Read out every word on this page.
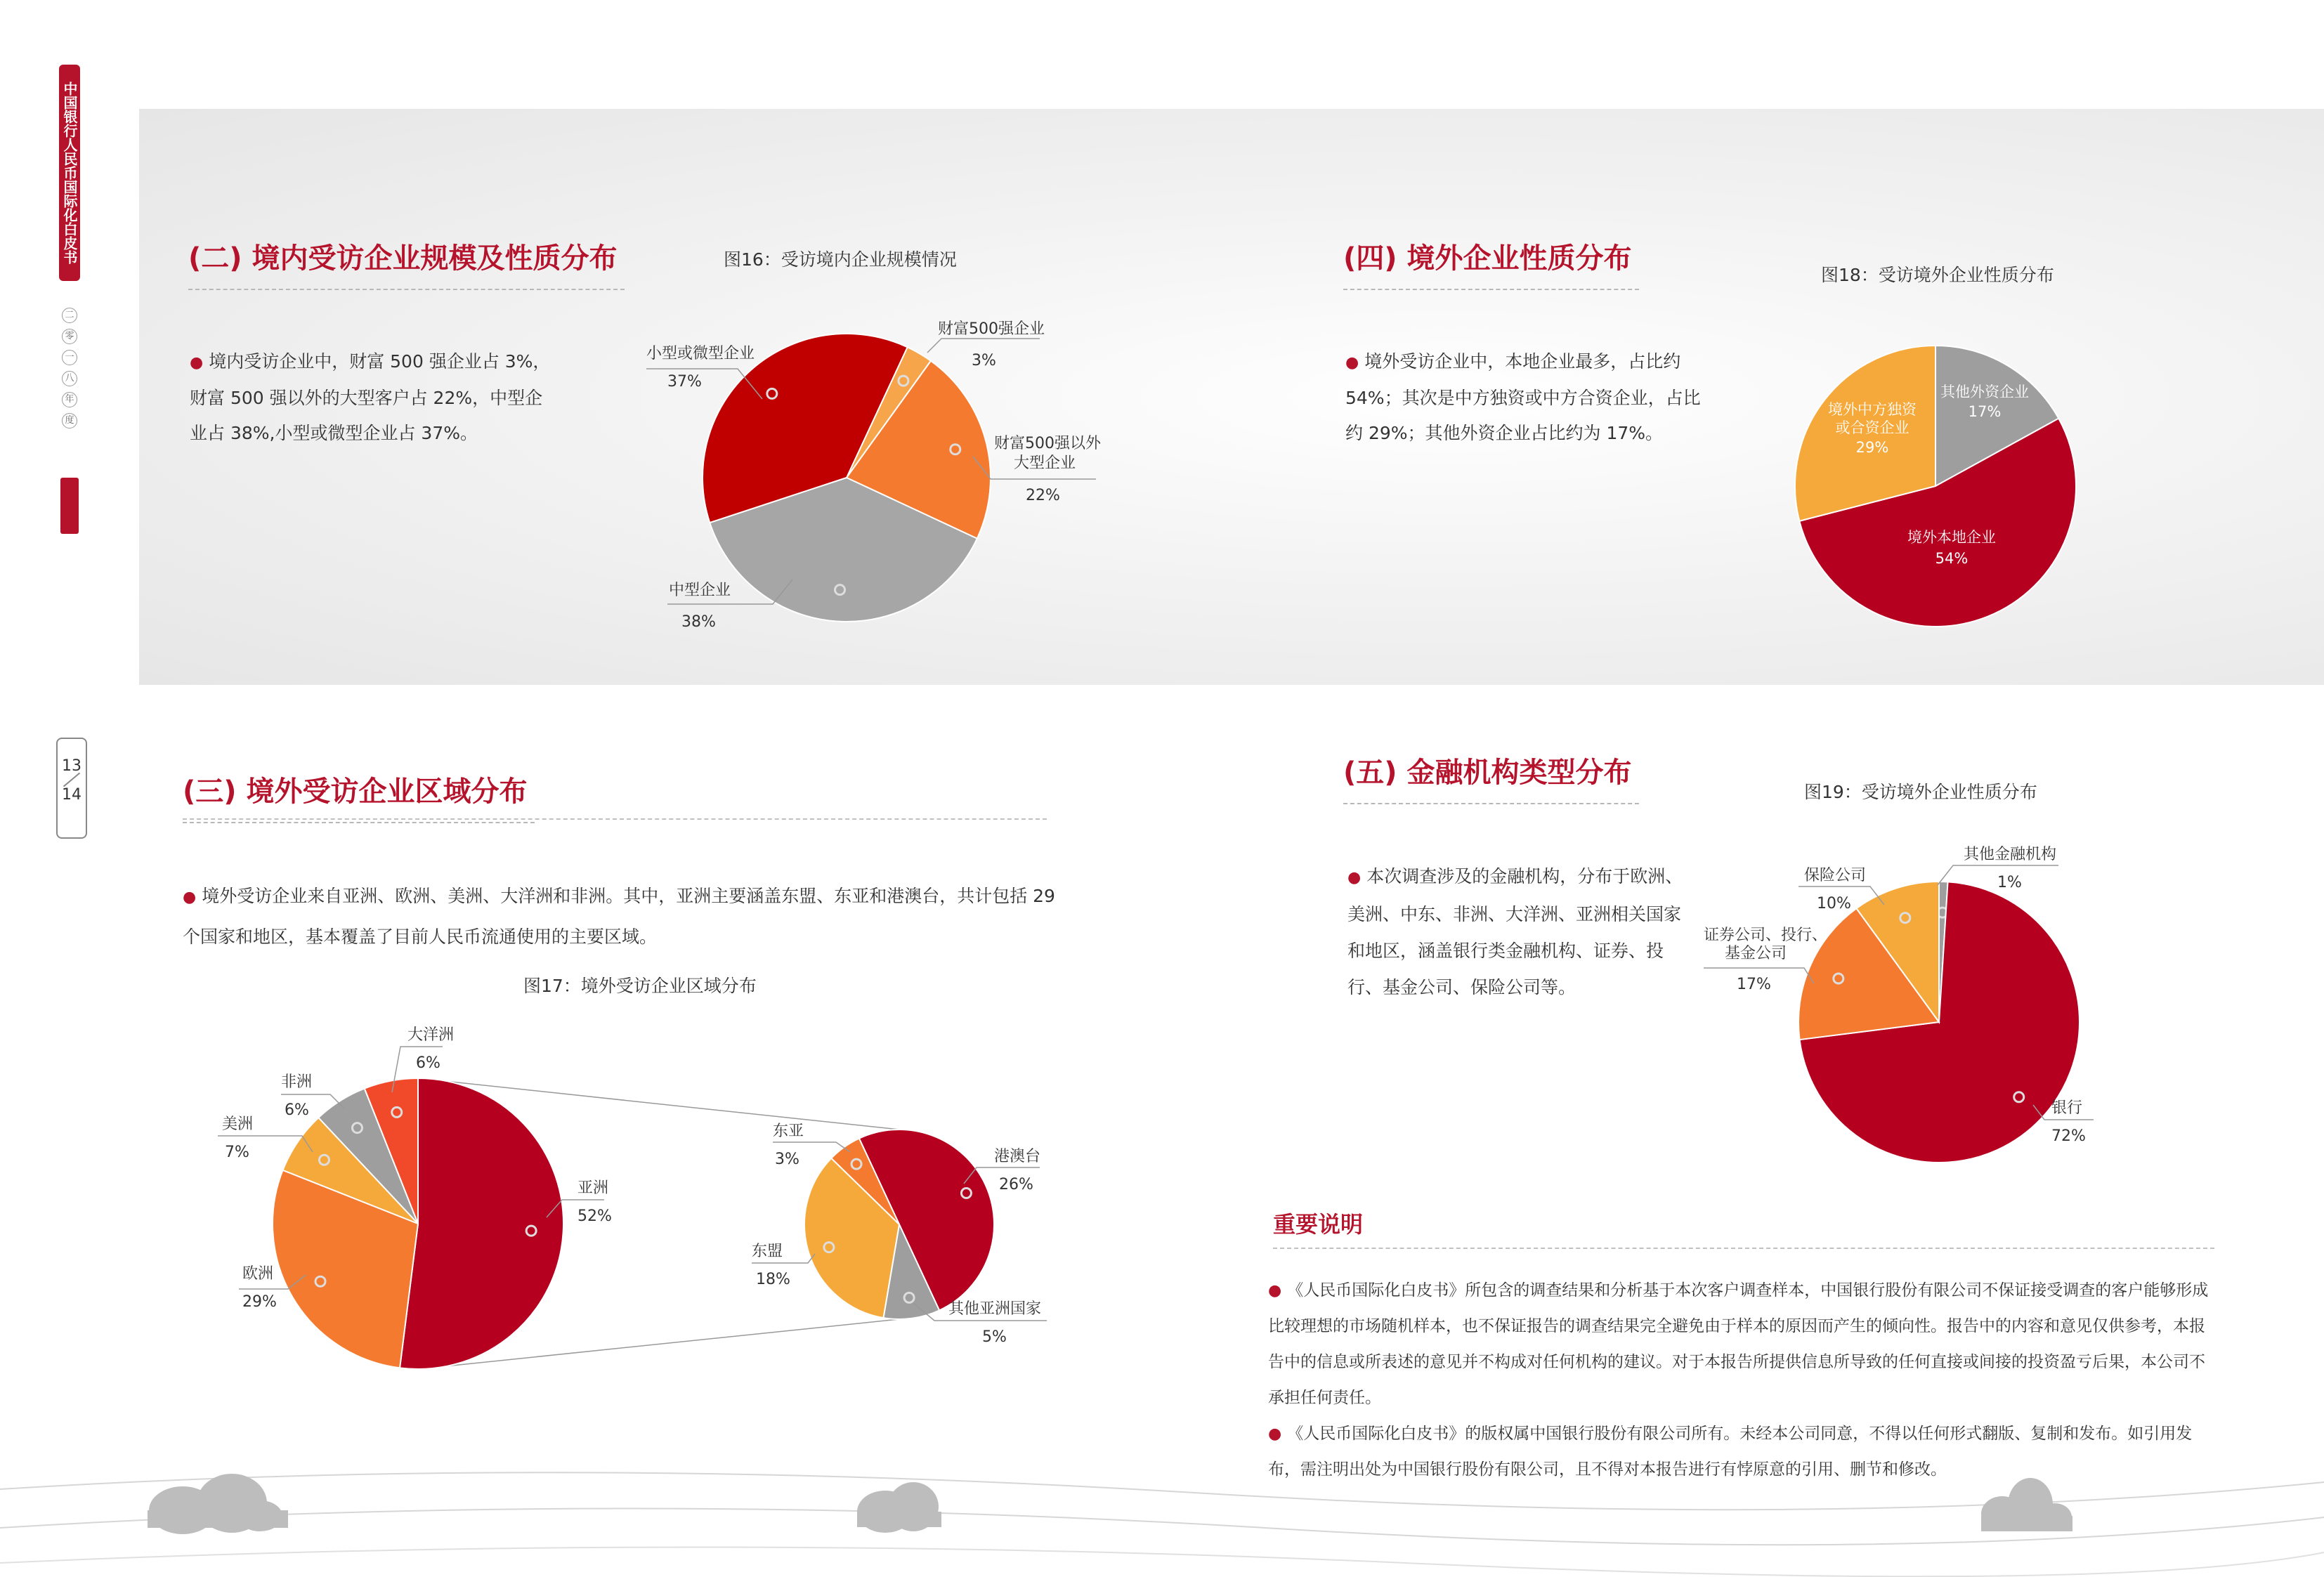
中国银行人民币国际化白皮书
二
零
一
八
年
度
13
14
(二) 境内受访企业规模及性质分布
● 境内受访企业中，财富 500 强企业占 3%，财富 500 强以外的大型客户占 22%，中型企业占 38%,小型或微型企业占 37%。
图16：受访境内企业规模情况
小型或微型企业
37%
财富500强企业
3%
财富500强以外
大型企业
22%
中型企业
38%
(四) 境外企业性质分布
● 境外受访企业中，本地企业最多，占比约 54%；其次是中方独资或中方合资企业，占比约 29%；其他外资企业占比约为 17%。
图18：受访境外企业性质分布
其他外资企业
17%
境外本地企业
54%
境外中方独资
或合资企业
29%
(三) 境外受访企业区域分布
● 境外受访企业来自亚洲、欧洲、美洲、大洋洲和非洲。其中，亚洲主要涵盖东盟、东亚和港澳台，共计包括 29 个国家和地区，基本覆盖了目前人民币流通使用的主要区域。
图17：境外受访企业区域分布
亚洲
52%
欧洲
29%
美洲
7%
非洲
6%
大洋洲
6%
港澳台
26%
其他亚洲国家
5%
东盟
18%
东亚
3%
(五) 金融机构类型分布
● 本次调查涉及的金融机构，分布于欧洲、美洲、中东、非洲、大洋洲、亚洲相关国家和地区，涵盖银行类金融机构、证券、投行、基金公司、保险公司等。
图19：受访境外企业性质分布
其他金融机构
1%
银行
72%
证券公司、投行、
基金公司
17%
保险公司
10%
重要说明
● 《人民币国际化白皮书》所包含的调查结果和分析基于本次客户调查样本，中国银行股份有限公司不保证接受调查的客户能够形成比较理想的市场随机样本，也不保证报告的调查结果完全避免由于样本的原因而产生的倾向性。报告中的内容和意见仅供参考，本报告中的信息或所表述的意见并不构成对任何机构的建议。对于本报告所提供信息所导致的任何直接或间接的投资盈亏后果，本公司不承担任何责任。
● 《人民币国际化白皮书》的版权属中国银行股份有限公司所有。未经本公司同意，不得以任何形式翻版、复制和发布。如引用发布，需注明出处为中国银行股份有限公司，且不得对本报告进行有悖原意的引用、删节和修改。
